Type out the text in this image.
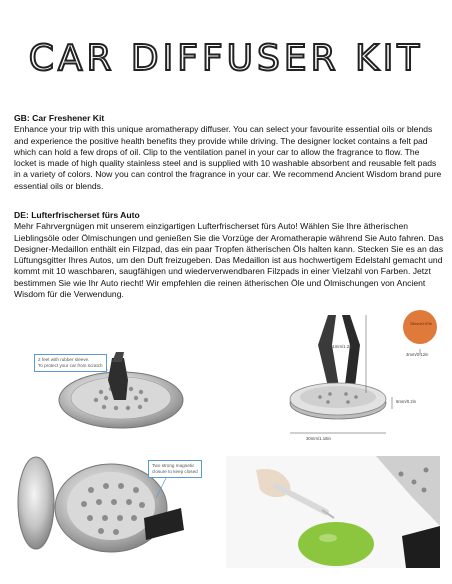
CAR DIFFUSER KIT
GB: Car Freshener Kit
Enhance your trip with this unique aromatherapy diffuser. You can select your favourite essential oils or blends and experience the positive health benefits they provide while driving. The designer locket contains a felt pad which can hold a few drops of oil. Clip to the ventilation panel in your car to allow the fragrance to flow. The locket is made of high quality stainless steel and is supplied with 10 washable absorbent and reusable felt pads in a variety of colors. Now you can control the fragrance in your car. We recommend Ancient Wisdom brand pure essential oils or blends.
DE: Lufterfrischerset fürs Auto
Mehr Fahrvergnügen mit unserem einzigartigen Lufterfrischerset fürs Auto! Wählen Sie Ihre ätherischen Lieblingsöle oder Ölmischungen und genießen Sie die Vorzüge der Aromatherapie während Sie Auto fahren. Das Designer-Medaillon enthält ein Filzpad, das ein paar Tropfen ätherischen Öls halten kann. Stecken Sie es an das Lüftungsgitter Ihres Autos, um den Duft freizugeben. Das Medaillon ist aus hochwertigem Edelstahl gemacht und kommt mit 10 waschbaren, saugfähigen und wiederverwendbaren Filzpads in einer Vielzahl von Farben. Jetzt bestimmen Sie wie Ihr Auto riecht! Wir empfehlen die reinen ätherischen Öle und Ölmischungen von Ancient Wisdom für die Verwendung.
2 feet with rubber sleeve.
To protect your car from scratch
31mm/1.2in
6mm/0.2in
30mm/1.18in
25mm/0.97in
3mm/0.12in
Two strong magnetic
closure to keep closed
